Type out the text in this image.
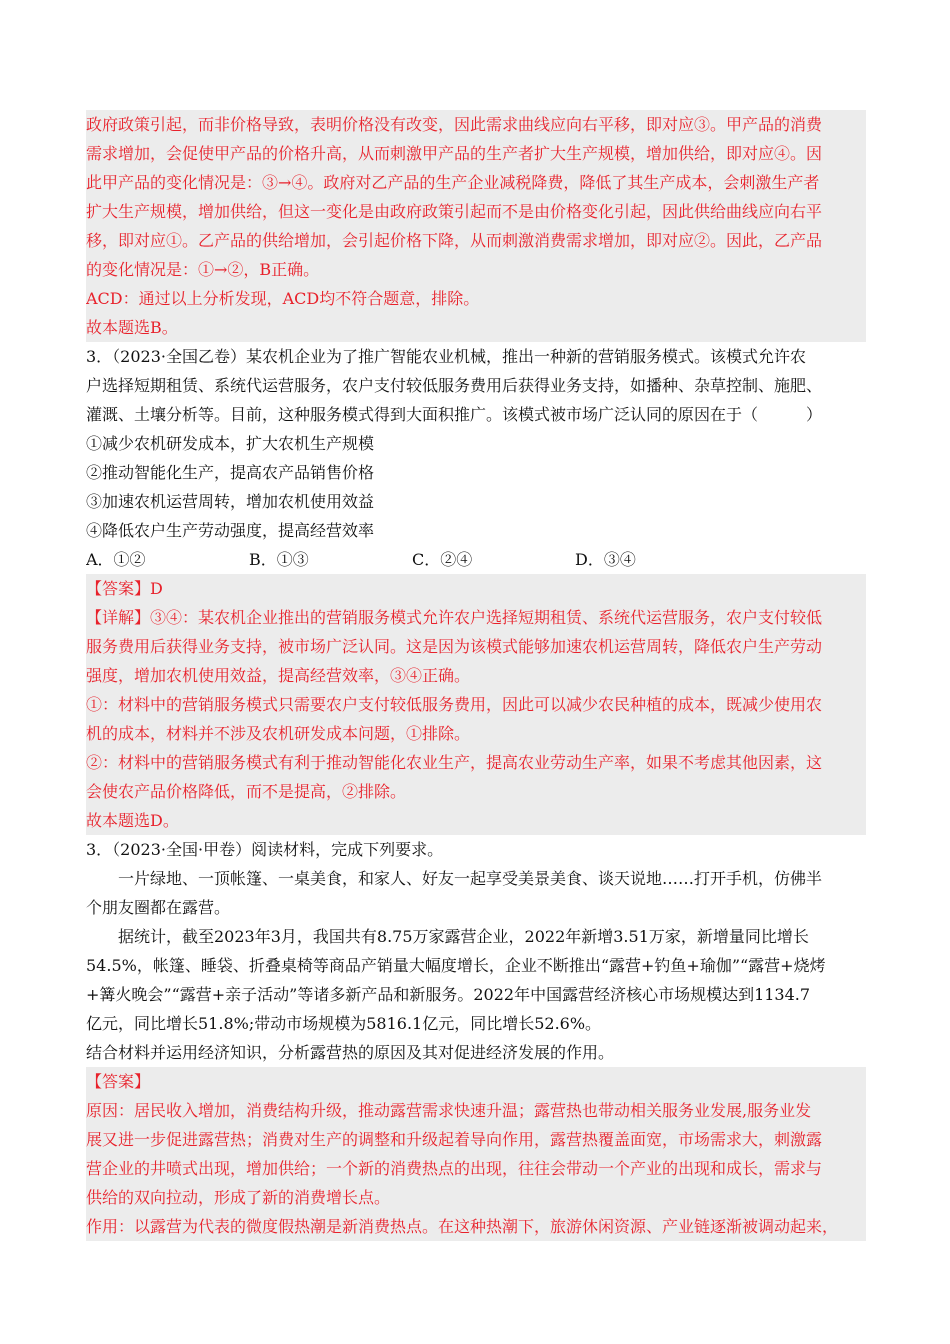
政府政策引起，而非价格导致，表明价格没有改变，因此需求曲线应向右平移，即对应③。甲产品的消费
需求增加，会促使甲产品的价格升高，从而刺激甲产品的生产者扩大生产规模，增加供给，即对应④。因
此甲产品的变化情况是：③→④。政府对乙产品的生产企业减税降费，降低了其生产成本，会刺激生产者
扩大生产规模，增加供给，但这一变化是由政府政策引起而不是由价格变化引起，因此供给曲线应向右平
移，即对应①。乙产品的供给增加，会引起价格下降，从而刺激消费需求增加，即对应②。因此，乙产品
的变化情况是：①→②，B正确。
ACD：通过以上分析发现，ACD均不符合题意，排除。
故本题选B。
3．（2023·全国乙卷）某农机企业为了推广智能农业机械，推出一种新的营销服务模式。该模式允许农
户选择短期租赁、系统代运营服务，农户支付较低服务费用后获得业务支持，如播种、杂草控制、施肥、
灌溉、土壤分析等。目前，这种服务模式得到大面积推广。该模式被市场广泛认同的原因在于（　　　）
①减少农机研发成本，扩大农机生产规模
②推动智能化生产，提高农产品销售价格
③加速农机运营周转，增加农机使用效益
④降低农户生产劳动强度，提高经营效率
A．①②	B．①③	C．②④	D．③④
【答案】D
【详解】③④：某农机企业推出的营销服务模式允许农户选择短期租赁、系统代运营服务，农户支付较低
服务费用后获得业务支持，被市场广泛认同。这是因为该模式能够加速农机运营周转，降低农户生产劳动
强度，增加农机使用效益，提高经营效率，③④正确。
①：材料中的营销服务模式只需要农户支付较低服务费用，因此可以减少农民种植的成本，既减少使用农
机的成本，材料并不涉及农机研发成本问题，①排除。
②：材料中的营销服务模式有利于推动智能化农业生产，提高农业劳动生产率，如果不考虑其他因素，这
会使农产品价格降低，而不是提高，②排除。
故本题选D。
3．（2023·全国·甲卷）阅读材料，完成下列要求。
一片绿地、一顶帐篷、一桌美食，和家人、好友一起享受美景美食、谈天说地……打开手机，仿佛半
个朋友圈都在露营。
据统计，截至2023年3月，我国共有8.75万家露营企业，2022年新增3.51万家，新增量同比增长
54.5%，帐篷、睡袋、折叠桌椅等商品产销量大幅度增长，企业不断推出“露营+钓鱼+瑜伽”“露营+烧烤
+篝火晚会”“露营+亲子活动”等诸多新产品和新服务。2022年中国露营经济核心市场规模达到1134.7
亿元，同比增长51.8%;带动市场规模为5816.1亿元，同比增长52.6%。
结合材料并运用经济知识，分析露营热的原因及其对促进经济发展的作用。
【答案】
原因：居民收入增加，消费结构升级，推动露营需求快速升温；露营热也带动相关服务业发展,服务业发
展又进一步促进露营热；消费对生产的调整和升级起着导向作用，露营热覆盖面宽，市场需求大，刺激露
营企业的井喷式出现，增加供给；一个新的消费热点的出现，往往会带动一个产业的出现和成长，需求与
供给的双向拉动，形成了新的消费增长点。
作用：以露营为代表的微度假热潮是新消费热点。在这种热潮下，旅游休闲资源、产业链逐渐被调动起来，
